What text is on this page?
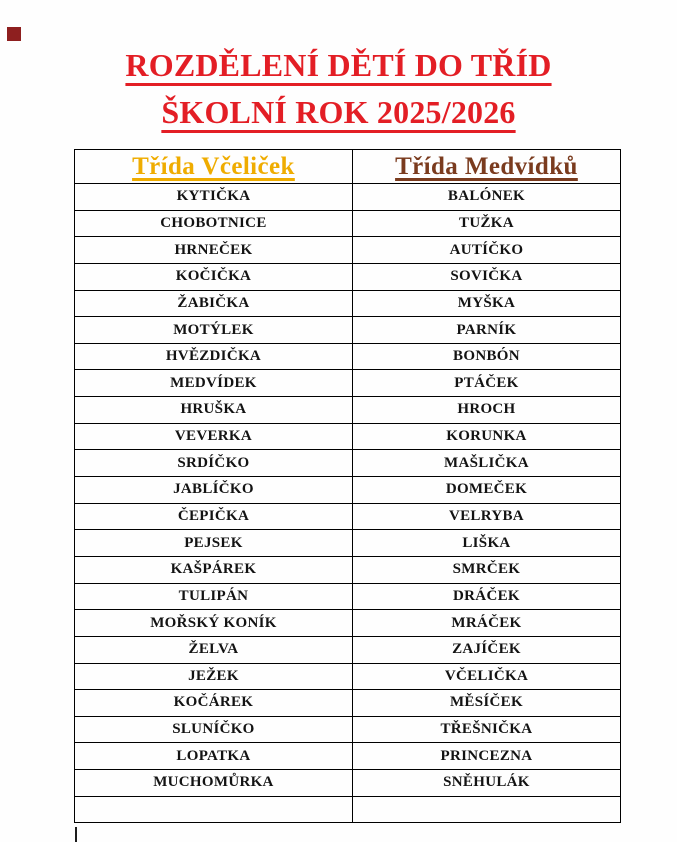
ROZDĚLENÍ DĚTÍ DO TŘÍD
ŠKOLNÍ ROK 2025/2026
Třída Včeliček	Třída Medvídků
KYTIČKA	BALÓNEK
CHOBOTNICE	TUŽKA
HRNEČEK	AUTÍČKO
KOČIČKA	SOVIČKA
ŽABIČKA	MYŠKA
MOTÝLEK	PARNÍK
HVĚZDIČKA	BONBÓN
MEDVÍDEK	PTÁČEK
HRUŠKA	HROCH
VEVERKA	KORUNKA
SRDÍČKO	MAŠLIČKA
JABLÍČKO	DOMEČEK
ČEPIČKA	VELRYBA
PEJSEK	LIŠKA
KAŠPÁREK	SMRČEK
TULIPÁN	DRÁČEK
MOŘSKÝ KONÍK	MRÁČEK
ŽELVA	ZAJÍČEK
JEŽEK	VČELIČKA
KOČÁREK	MĚSÍČEK
SLUNÍČKO	TŘEŠNIČKA
LOPATKA	PRINCEZNA
MUCHOMŮRKA	SNĚHULÁK
